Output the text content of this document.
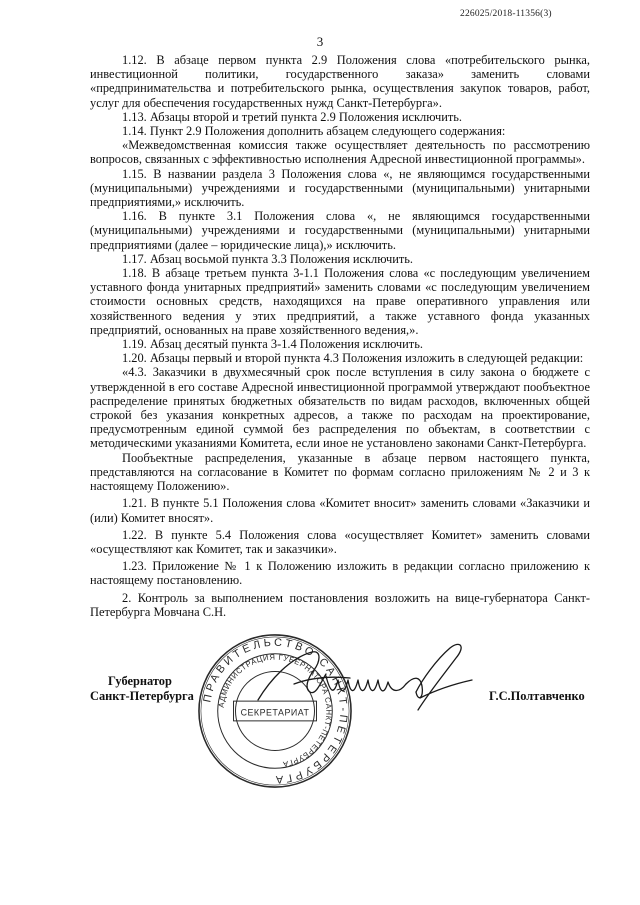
226025/2018-11356(3)
3

1.12. В абзаце первом пункта 2.9 Положения слова «потребительского рынка, инвестиционной политики, государственного заказа» заменить словами «предпринимательства и потребительского рынка, осуществления закупок товаров, работ, услуг для обеспечения государственных нужд Санкт-Петербурга».

1.13. Абзацы второй и третий пункта 2.9 Положения исключить.

1.14. Пункт 2.9 Положения дополнить абзацем следующего содержания:

«Межведомственная комиссия также осуществляет деятельность по рассмотрению вопросов, связанных с эффективностью исполнения Адресной инвестиционной программы».

1.15. В названии раздела 3 Положения слова «, не являющимся государственными (муниципальными) учреждениями и государственными (муниципальными) унитарными предприятиями,» исключить.

1.16. В пункте 3.1 Положения слова «, не являющимся государственными (муниципальными) учреждениями и государственными (муниципальными) унитарными предприятиями (далее – юридические лица),» исключить.

1.17. Абзац восьмой пункта 3.3 Положения исключить.

1.18. В абзаце третьем пункта 3-1.1 Положения слова «с последующим увеличением уставного фонда унитарных предприятий» заменить словами «с последующим увеличением стоимости основных средств, находящихся на праве оперативного управления или хозяйственного ведения у этих предприятий, а также уставного фонда указанных предприятий, основанных на праве хозяйственного ведения,».

1.19. Абзац десятый пункта 3-1.4 Положения исключить.

1.20. Абзацы первый и второй пункта 4.3 Положения изложить в следующей редакции:

«4.3. Заказчики в двухмесячный срок после вступления в силу закона о бюджете с утвержденной в его составе Адресной инвестиционной программой утверждают пообъектное распределение принятых бюджетных обязательств по видам расходов, включенных общей строкой без указания конкретных адресов, а также по расходам на проектирование, предусмотренным единой суммой без распределения по объектам, в соответствии с методическими указаниями Комитета, если иное не установлено законами Санкт-Петербурга.

Пообъектные распределения, указанные в абзаце первом настоящего пункта, представляются на согласование в Комитет по формам согласно приложениям № 2 и 3 к настоящему Положению».

1.21. В пункте 5.1 Положения слова «Комитет вносит» заменить словами «Заказчики и (или) Комитет вносят».

1.22. В пункте 5.4 Положения слова «осуществляет Комитет» заменить словами «осуществляют как Комитет, так и заказчики».

1.23. Приложение № 1 к Положению изложить в редакции согласно приложению к настоящему постановлению.

2. Контроль за выполнением постановления возложить на вице-губернатора Санкт-Петербурга Мовчана С.Н.

Губернатор
Санкт-Петербурга ПРАВИТЕЛЬСТВО САНКТ-ПЕТЕРБУРГА
АДМИНИСТРАЦИЯ ГУБЕРНАТОРА САНКТ-ПЕТЕРБУРГА
СЕКРЕТАРИАТ
Г.С.Полтавченко
